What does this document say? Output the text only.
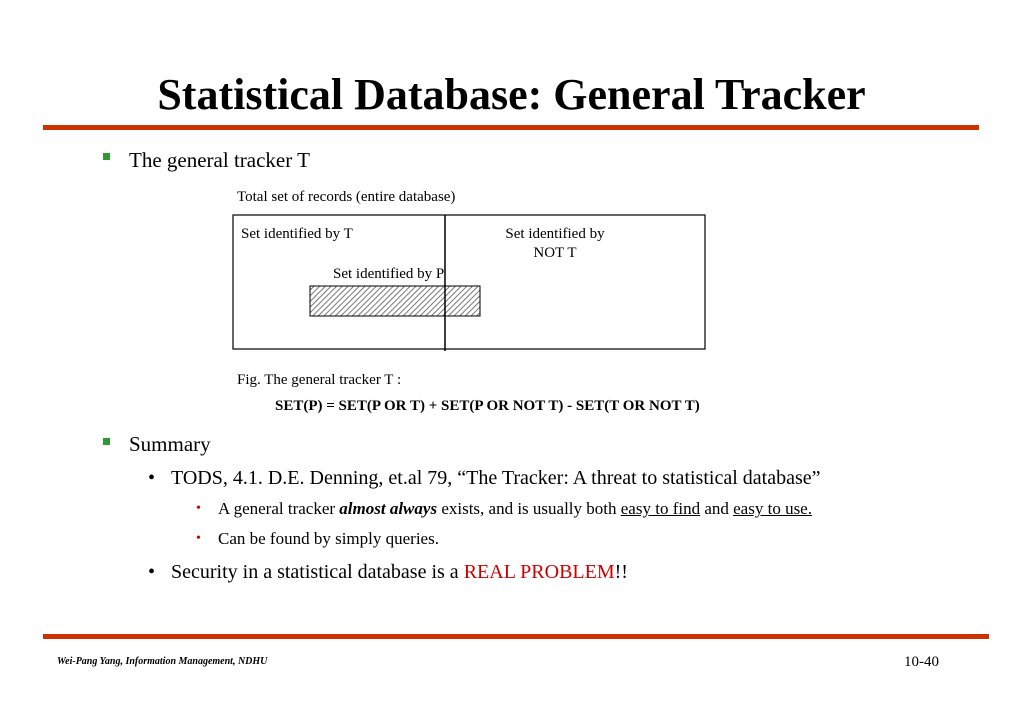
Statistical Database: General Tracker
The general tracker T
Total set of records (entire database)
Set identified by T	Set identified by
NOT T
Set identified by P
Fig. The general tracker T :
SET(P) = SET(P OR T) + SET(P OR NOT T) - SET(T OR NOT T)
Summary
• TODS, 4.1. D.E. Denning, et.al 79, “The Tracker: A threat to statistical database”
• A general tracker almost always exists, and is usually both easy to find and easy to use.
• Can be found by simply queries.
• Security in a statistical database is a REAL PROBLEM!!
Wei-Pang Yang, Information Management, NDHU	10-40
